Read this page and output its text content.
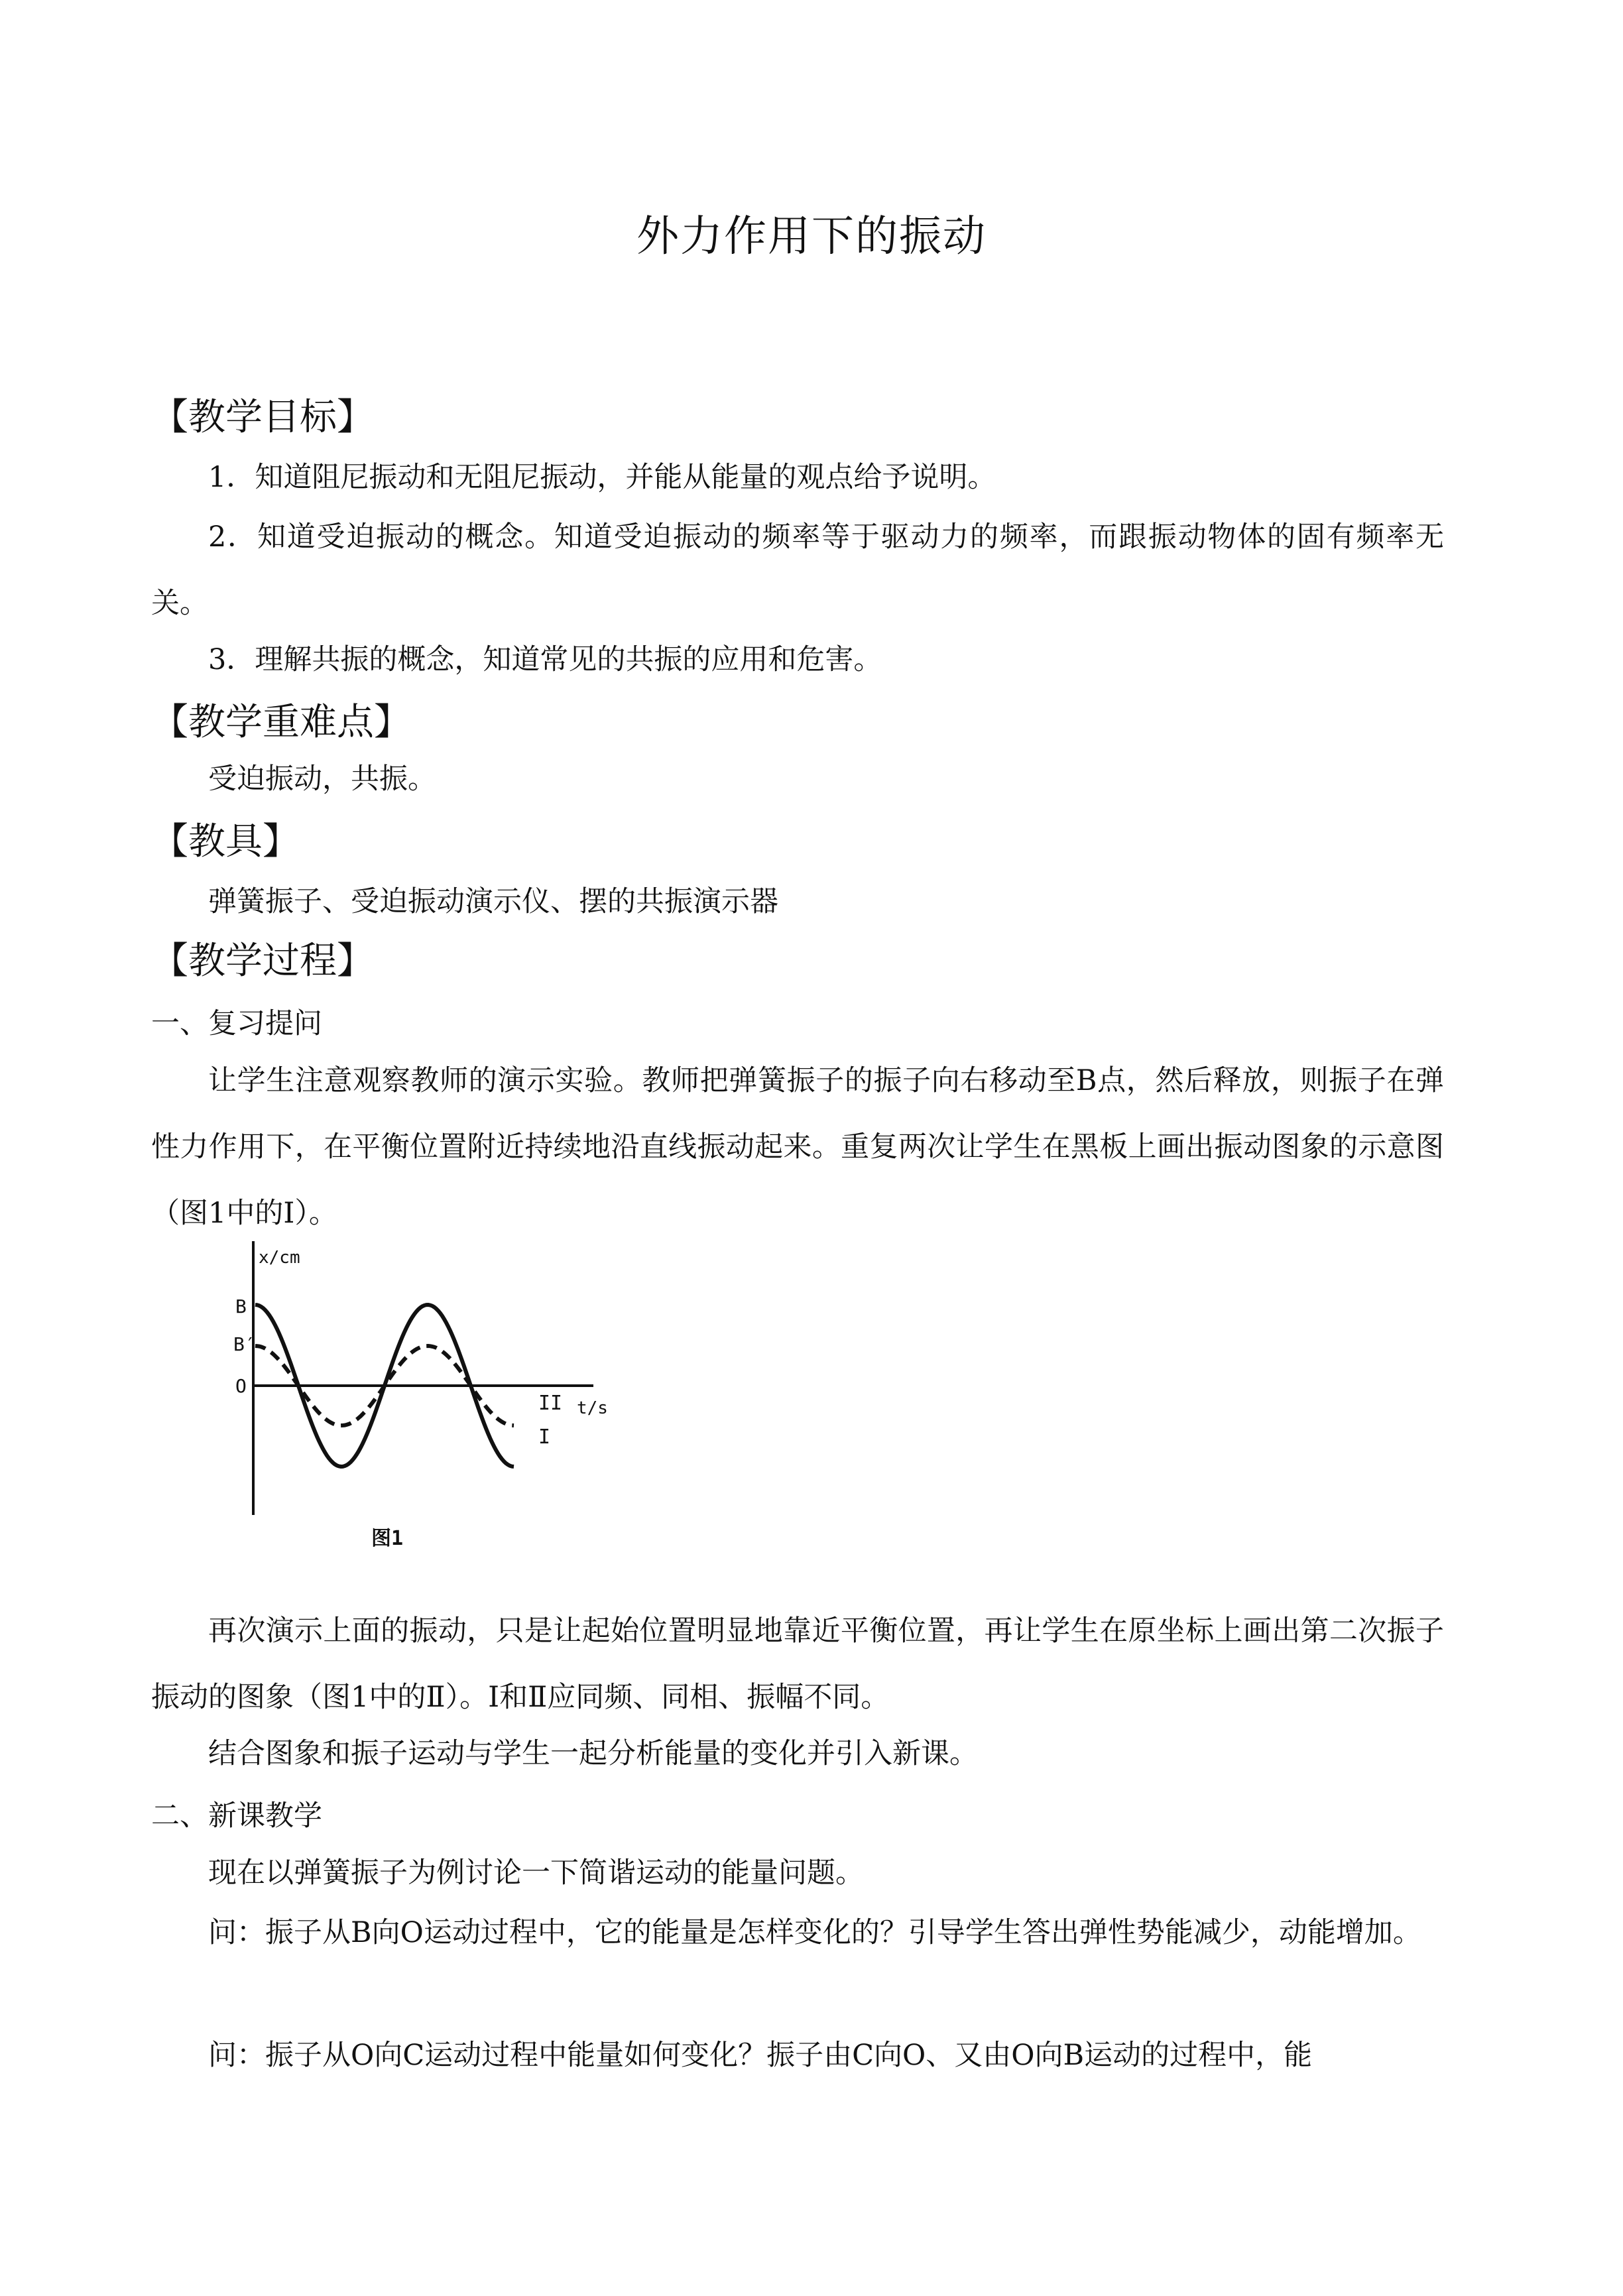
外力作用下的振动
【教学目标】
1．知道阻尼振动和无阻尼振动，并能从能量的观点给予说明。
2．知道受迫振动的概念。知道受迫振动的频率等于驱动力的频率，而跟振动物体的固有频率无关。
3．理解共振的概念，知道常见的共振的应用和危害。
【教学重难点】
受迫振动，共振。
【教具】
弹簧振子、受迫振动演示仪、摆的共振演示器
【教学过程】
一、复习提问
让学生注意观察教师的演示实验。教师把弹簧振子的振子向右移动至B点，然后释放，则振子在弹性力作用下，在平衡位置附近持续地沿直线振动起来。重复两次让学生在黑板上画出振动图象的示意图（图1中的Ⅰ）。
x/cm
t/s
B
B′
O
II
I
图1
再次演示上面的振动，只是让起始位置明显地靠近平衡位置，再让学生在原坐标上画出第二次振子振动的图象（图1中的Ⅱ）。Ⅰ和Ⅱ应同频、同相、振幅不同。
结合图象和振子运动与学生一起分析能量的变化并引入新课。
二、新课教学
现在以弹簧振子为例讨论一下简谐运动的能量问题。
问：振子从B向O运动过程中，它的能量是怎样变化的？引导学生答出弹性势能减少，动能增加。
问：振子从O向C运动过程中能量如何变化？振子由C向O、又由O向B运动的过程中，能
